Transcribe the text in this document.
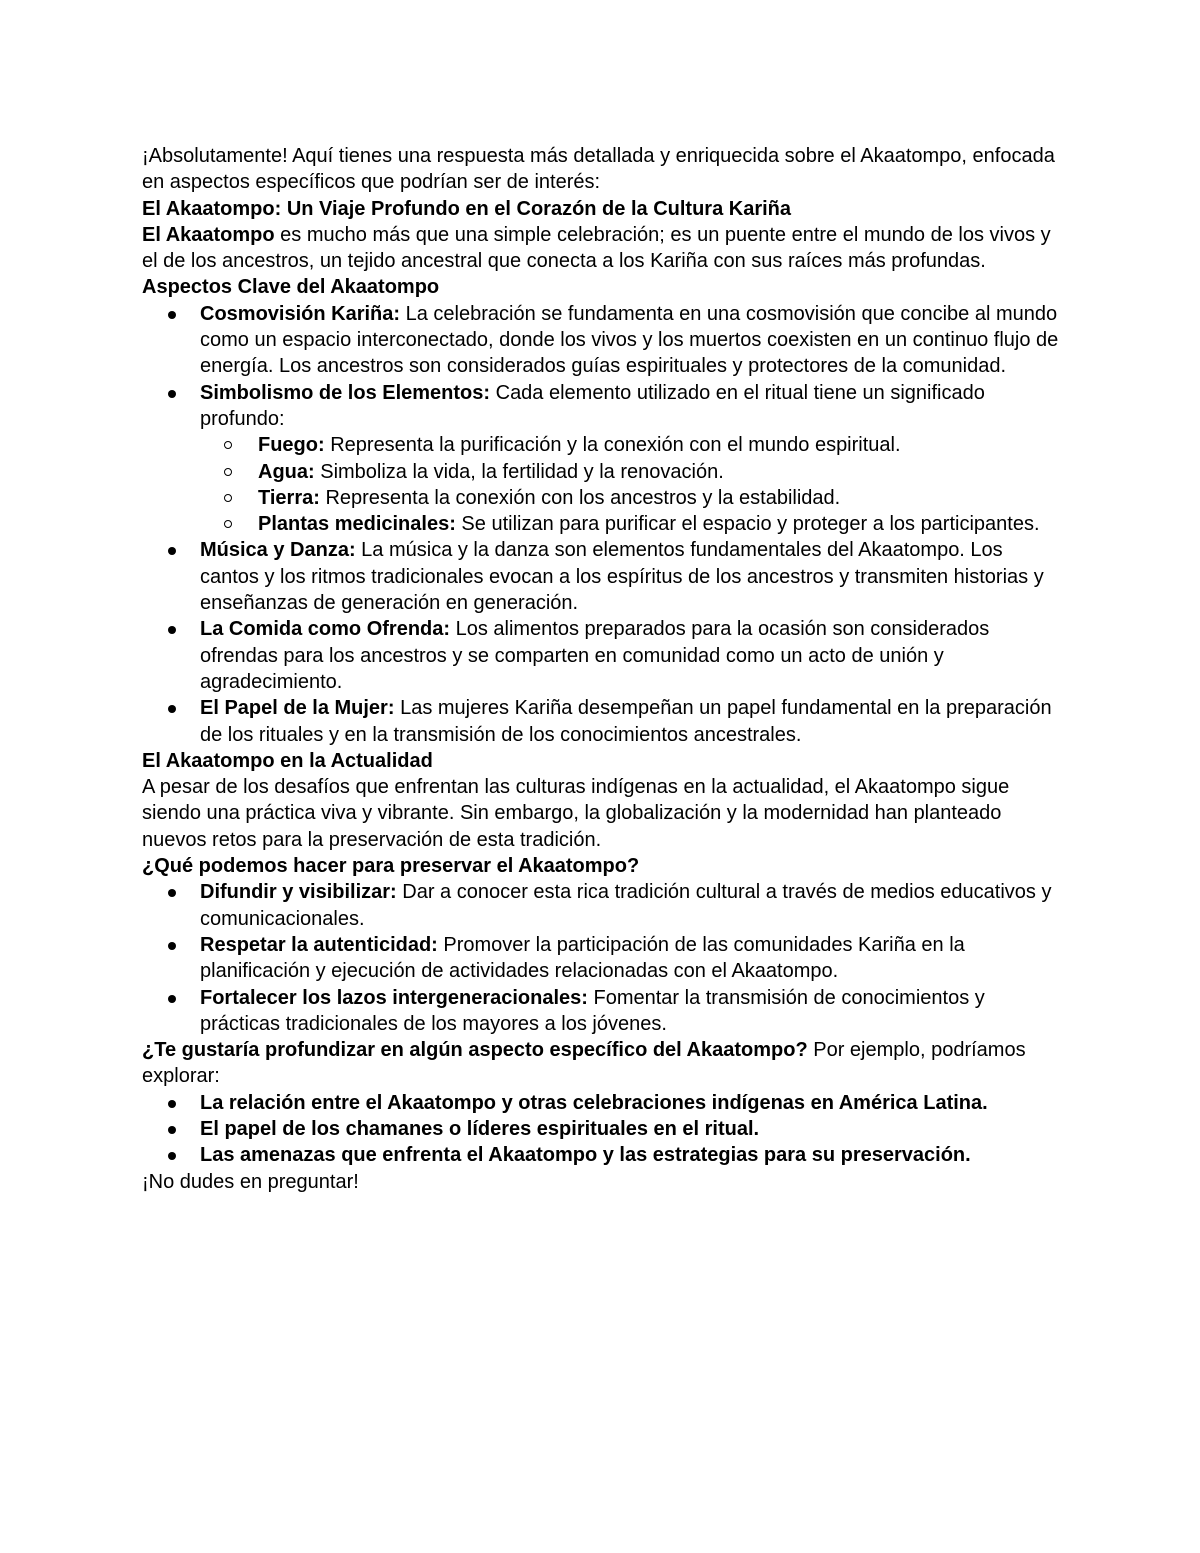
¡Absolutamente! Aquí tienes una respuesta más detallada y enriquecida sobre el Akaatompo, enfocada en aspectos específicos que podrían ser de interés:

El Akaatompo: Un Viaje Profundo en el Corazón de la Cultura Kariña

El Akaatompo es mucho más que una simple celebración; es un puente entre el mundo de los vivos y el de los ancestros, un tejido ancestral que conecta a los Kariña con sus raíces más profundas.

Aspectos Clave del Akaatompo

Cosmovisión Kariña: La celebración se fundamenta en una cosmovisión que concibe al mundo como un espacio interconectado, donde los vivos y los muertos coexisten en un continuo flujo de energía. Los ancestros son considerados guías espirituales y protectores de la comunidad.
Simbolismo de los Elementos: Cada elemento utilizado en el ritual tiene un significado profundo:
Fuego: Representa la purificación y la conexión con el mundo espiritual.
Agua: Simboliza la vida, la fertilidad y la renovación.
Tierra: Representa la conexión con los ancestros y la estabilidad.
Plantas medicinales: Se utilizan para purificar el espacio y proteger a los participantes.
Música y Danza: La música y la danza son elementos fundamentales del Akaatompo. Los cantos y los ritmos tradicionales evocan a los espíritus de los ancestros y transmiten historias y enseñanzas de generación en generación.
La Comida como Ofrenda: Los alimentos preparados para la ocasión son considerados ofrendas para los ancestros y se comparten en comunidad como un acto de unión y agradecimiento.
El Papel de la Mujer: Las mujeres Kariña desempeñan un papel fundamental en la preparación de los rituales y en la transmisión de los conocimientos ancestrales.

El Akaatompo en la Actualidad

A pesar de los desafíos que enfrentan las culturas indígenas en la actualidad, el Akaatompo sigue siendo una práctica viva y vibrante. Sin embargo, la globalización y la modernidad han planteado nuevos retos para la preservación de esta tradición.

¿Qué podemos hacer para preservar el Akaatompo?

Difundir y visibilizar: Dar a conocer esta rica tradición cultural a través de medios educativos y comunicacionales.
Respetar la autenticidad: Promover la participación de las comunidades Kariña en la planificación y ejecución de actividades relacionadas con el Akaatompo.
Fortalecer los lazos intergeneracionales: Fomentar la transmisión de conocimientos y prácticas tradicionales de los mayores a los jóvenes.

¿Te gustaría profundizar en algún aspecto específico del Akaatompo? Por ejemplo, podríamos explorar:

La relación entre el Akaatompo y otras celebraciones indígenas en América Latina.
El papel de los chamanes o líderes espirituales en el ritual.
Las amenazas que enfrenta el Akaatompo y las estrategias para su preservación.

¡No dudes en preguntar!
